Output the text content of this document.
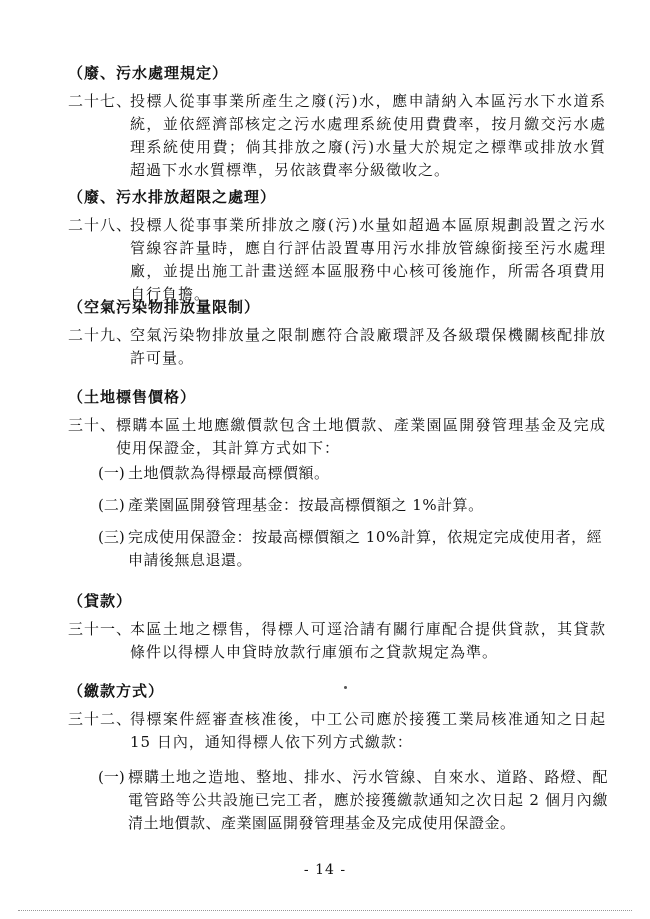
（廢、污水處理規定）
二十七、
投標人從事事業所產生之廢(污)水，應申請納入本區污水下水道系統，並依經濟部核定之污水處理系統使用費費率，按月繳交污水處理系統使用費；倘其排放之廢(污)水量大於規定之標準或排放水質超過下水水質標準，另依該費率分級徵收之。
（廢、污水排放超限之處理）
二十八、
投標人從事事業所排放之廢(污)水量如超過本區原規劃設置之污水管線容許量時，應自行評估設置專用污水排放管線銜接至污水處理廠，並提出施工計畫送經本區服務中心核可後施作，所需各項費用自行負擔。
（空氣污染物排放量限制）
二十九、
空氣污染物排放量之限制應符合設廠環評及各級環保機關核配排放許可量。
（土地標售價格）
三十、 標購本區土地應繳價款包含土地價款、產業園區開發管理基金及完成使用保證金，其計算方式如下：
(一) 土地價款為得標最高標價額。
(二) 產業園區開發管理基金：按最高標價額之 1%計算。
(三) 完成使用保證金：按最高標價額之 10%計算，依規定完成使用者，經申請後無息退還。
（貸款）
三十一、
本區土地之標售，得標人可逕洽請有關行庫配合提供貸款，其貸款條件以得標人申貸時放款行庫頒布之貸款規定為準。
（繳款方式）
三十二、
得標案件經審查核准後，中工公司應於接獲工業局核准通知之日起 15 日內，通知得標人依下列方式繳款：
(一) 標購土地之造地、整地、排水、污水管線、自來水、道路、路燈、配電管路等公共設施已完工者，應於接獲繳款通知之次日起 2 個月內繳清土地價款、產業園區開發管理基金及完成使用保證金。
- 14 -
